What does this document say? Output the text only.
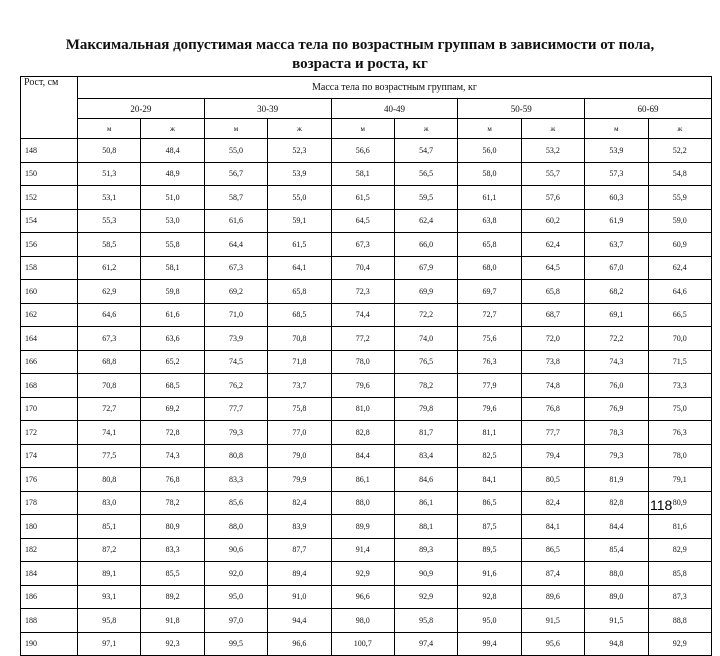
Максимальная допустимая масса тела по возрастным группам в зависимости от пола,
возраста и роста, кг
Рост, см	Масса тела по возрастным группам, кг									
	20-29		30-39		40-49		50-59		60-69	
	м	ж	м	ж	м	ж	м	ж	м	ж
148	50,8	48,4	55,0	52,3	56,6	54,7	56,0	53,2	53,9	52,2
150	51,3	48,9	56,7	53,9	58,1	56,5	58,0	55,7	57,3	54,8
152	53,1	51,0	58,7	55,0	61,5	59,5	61,1	57,6	60,3	55,9
154	55,3	53,0	61,6	59,1	64,5	62,4	63,8	60,2	61,9	59,0
156	58,5	55,8	64,4	61,5	67,3	66,0	65,8	62,4	63,7	60,9
158	61,2	58,1	67,3	64,1	70,4	67,9	68,0	64,5	67,0	62,4
160	62,9	59,8	69,2	65,8	72,3	69,9	69,7	65,8	68,2	64,6
162	64,6	61,6	71,0	68,5	74,4	72,2	72,7	68,7	69,1	66,5
164	67,3	63,6	73,9	70,8	77,2	74,0	75,6	72,0	72,2	70,0
166	68,8	65,2	74,5	71,8	78,0	76,5	76,3	73,8	74,3	71,5
168	70,8	68,5	76,2	73,7	79,6	78,2	77,9	74,8	76,0	73,3
170	72,7	69,2	77,7	75,8	81,0	79,8	79,6	76,8	76,9	75,0
172	74,1	72,8	79,3	77,0	82,8	81,7	81,1	77,7	78,3	76,3
174	77,5	74,3	80,8	79,0	84,4	83,4	82,5	79,4	79,3	78,0
176	80,8	76,8	83,3	79,9	86,1	84,6	84,1	80,5	81,9	79,1
178	83,0	78,2	85,6	82,4	88,0	86,1	86,5	82,4	82,8	80,9
180	85,1	80,9	88,0	83,9	89,9	88,1	87,5	84,1	84,4	81,6
182	87,2	83,3	90,6	87,7	91,4	89,3	89,5	86,5	85,4	82,9
184	89,1	85,5	92,0	89,4	92,9	90,9	91,6	87,4	88,0	85,8
186	93,1	89,2	95,0	91,0	96,6	92,9	92,8	89,6	89,0	87,3
188	95,8	91,8	97,0	94,4	98,0	95,8	95,0	91,5	91,5	88,8
190	97,1	92,3	99,5	96,6	100,7	97,4	99,4	95,6	94,8	92,9
118
